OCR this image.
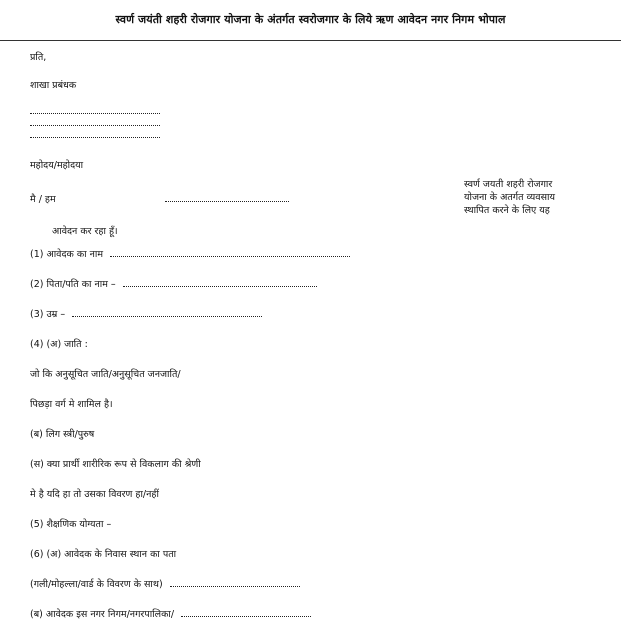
स्वर्ण जयंती शहरी रोजगार योजना के अंतर्गत स्वरोजगार के लिये ऋण आवेदन नगर निगम भोपाल
प्रति,
शाखा प्रबंधक
महोदय/महोदया
मै / हम
स्वर्ण जयती शहरी रोजगार
योजना के अतर्गत व्यवसाय
स्थापित करने के लिए यह
आवेदन कर रहा हूँ।
(1) आवेदक का नाम
(2) पिता/पति का नाम –
(3) उम्र –
(4) (अ) जाति :
जो कि अनुसूचित जाति/अनुसूचित जनजाति/
पिछड़ा वर्ग मे शामिल है।
(ब) लिग स्त्री/पुरुष
(स) क्या प्रार्थी शारीरिक रूप से विकलाग की श्रेणी
मे है यदि हा तो उसका विवरण हा/नहीं
(5) शैक्षणिक योग्यता –
(6) (अ) आवेदक के निवास स्थान का पता
(गली/मोहल्ला/वार्ड के विवरण के साथ)
(ब) आवेदक इस नगर निगम/नगरपालिका/
